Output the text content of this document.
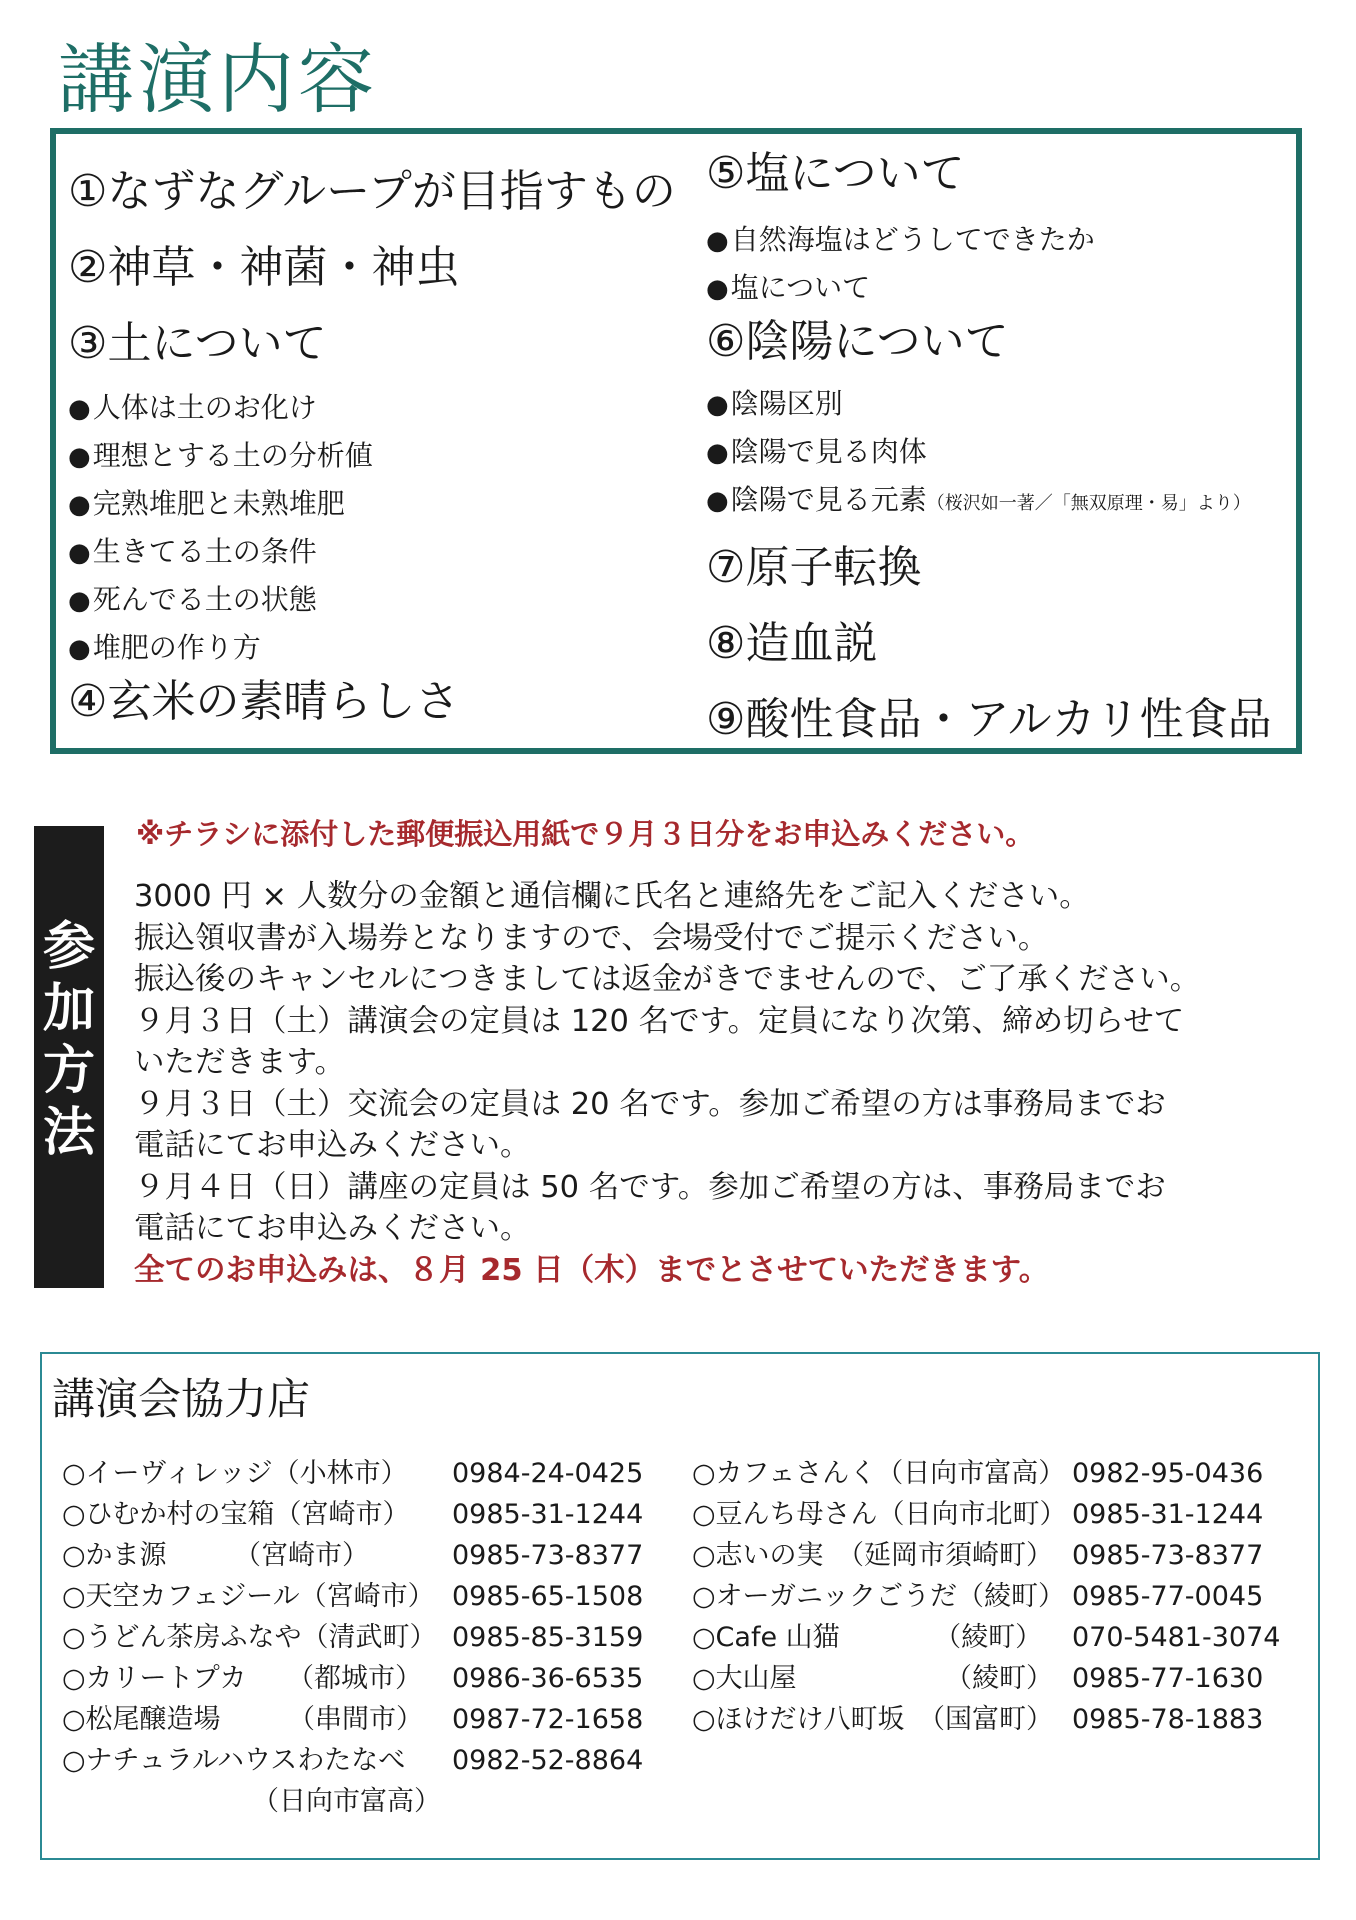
講演内容
①なずなグループが目指すもの
②神草・神菌・神虫
③土について
●人体は土のお化け
●理想とする土の分析値
●完熟堆肥と未熟堆肥
●生きてる土の条件
●死んでる土の状態
●堆肥の作り方
④玄米の素晴らしさ
⑤塩について
●自然海塩はどうしてできたか
●塩について
⑥陰陽について
●陰陽区別
●陰陽で見る肉体
●陰陽で見る元素（桜沢如一著／「無双原理・易」より）
⑦原子転換
⑧造血説
⑨酸性食品・アルカリ性食品
参
加
方
法
※チラシに添付した郵便振込用紙で９月３日分をお申込みください。
3000 円 × 人数分の金額と通信欄に氏名と連絡先をご記入ください。
振込領収書が入場券となりますので、会場受付でご提示ください。
振込後のキャンセルにつきましては返金がきでませんので、ご了承ください。
９月３日（土）講演会の定員は 120 名です。定員になり次第、締め切らせて
いただきます。
９月３日（土）交流会の定員は 20 名です。参加ご希望の方は事務局までお
電話にてお申込みください。
９月４日（日）講座の定員は 50 名です。参加ご希望の方は、事務局までお
電話にてお申込みください。
全てのお申込みは、８月 25 日（木）までとさせていただきます。
講演会協力店
○イーヴィレッジ（小林市） 0984-24-0425
○ひむか村の宝箱（宮崎市） 0985-31-1244
○かま源　　　（宮崎市）	0985-73-8377
○天空カフェジール（宮崎市） 0985-65-1508
○うどん茶房ふなや（清武町） 0985-85-3159
○カリートプカ　　（都城市） 0986-36-6535
○松尾醸造場　　　（串間市） 0987-72-1658
○ナチュラルハウスわたなべ 0982-52-8864
（日向市富高）
○カフェさんく（日向市富高） 0982-95-0436
○豆んち母さん（日向市北町） 0985-31-1244
○志いの実　（延岡市須崎町） 0985-73-8377
○オーガニックごうだ（綾町） 0985-77-0045
○Cafe 山猫　　　　（綾町） 070-5481-3074
○大山屋　　　　　　（綾町） 0985-77-1630
○ほけだけ八町坂　（国富町） 0985-78-1883
